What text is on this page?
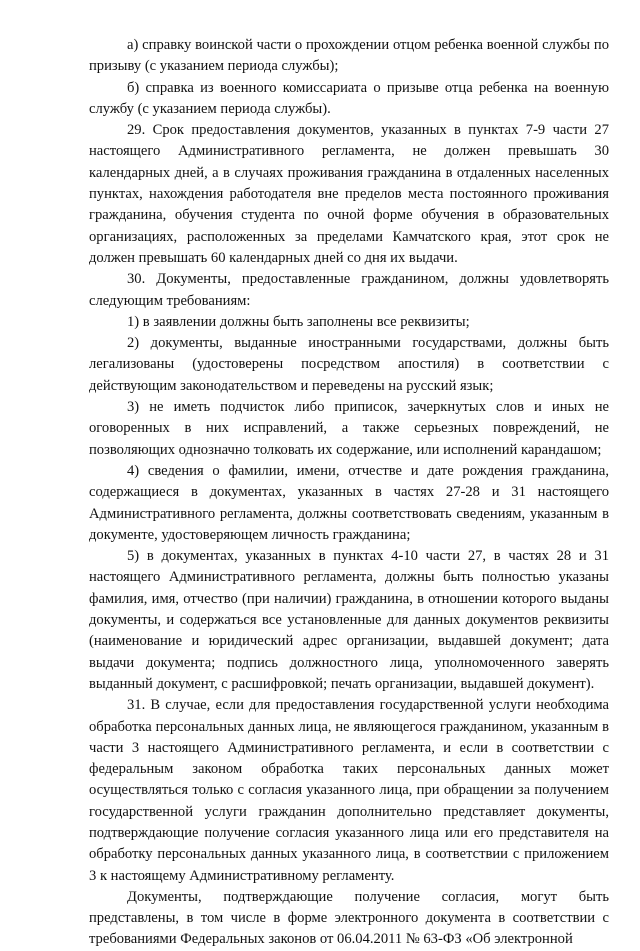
а) справку воинской части о прохождении отцом ребенка военной службы по призыву (с указанием периода службы);

б) справка из военного комиссариата о призыве отца ребенка на военную службу (с указанием периода службы).

29. Срок предоставления документов, указанных в пунктах 7-9 части 27 настоящего Административного регламента, не должен превышать 30 календарных дней, а в случаях проживания гражданина в отдаленных населенных пунктах, нахождения работодателя вне пределов места постоянного проживания гражданина, обучения студента по очной форме обучения в образовательных организациях, расположенных за пределами Камчатского края, этот срок не должен превышать 60 календарных дней со дня их выдачи.

30. Документы, предоставленные гражданином, должны удовлетворять следующим требованиям:

1) в заявлении должны быть заполнены все реквизиты;

2) документы, выданные иностранными государствами, должны быть легализованы (удостоверены посредством апостиля) в соответствии с действующим законодательством и переведены на русский язык;

3) не иметь подчисток либо приписок, зачеркнутых слов и иных не оговоренных в них исправлений, а также серьезных повреждений, не позволяющих однозначно толковать их содержание, или исполнений карандашом;

4) сведения о фамилии, имени, отчестве и дате рождения гражданина, содержащиеся в документах, указанных в частях 27-28 и 31 настоящего Административного регламента, должны соответствовать сведениям, указанным в документе, удостоверяющем личность гражданина;

5) в документах, указанных в пунктах 4-10 части 27, в частях 28 и 31 настоящего Административного регламента, должны быть полностью указаны фамилия, имя, отчество (при наличии) гражданина, в отношении которого выданы документы, и содержаться все установленные для данных документов реквизиты (наименование и юридический адрес организации, выдавшей документ; дата выдачи документа; подпись должностного лица, уполномоченного заверять выданный документ, с расшифровкой; печать организации, выдавшей документ).

31. В случае, если для предоставления государственной услуги необходима обработка персональных данных лица, не являющегося гражданином, указанным в части 3 настоящего Административного регламента, и если в соответствии с федеральным законом обработка таких персональных данных может осуществляться только с согласия указанного лица, при обращении за получением государственной услуги гражданин дополнительно представляет документы, подтверждающие получение согласия указанного лица или его представителя на обработку персональных данных указанного лица, в соответствии с приложением 3 к настоящему Административному регламенту.

Документы, подтверждающие получение согласия, могут быть представлены, в том числе в форме электронного документа в соответствии с требованиями Федеральных законов от 06.04.2011 № 63-ФЗ «Об электронной
